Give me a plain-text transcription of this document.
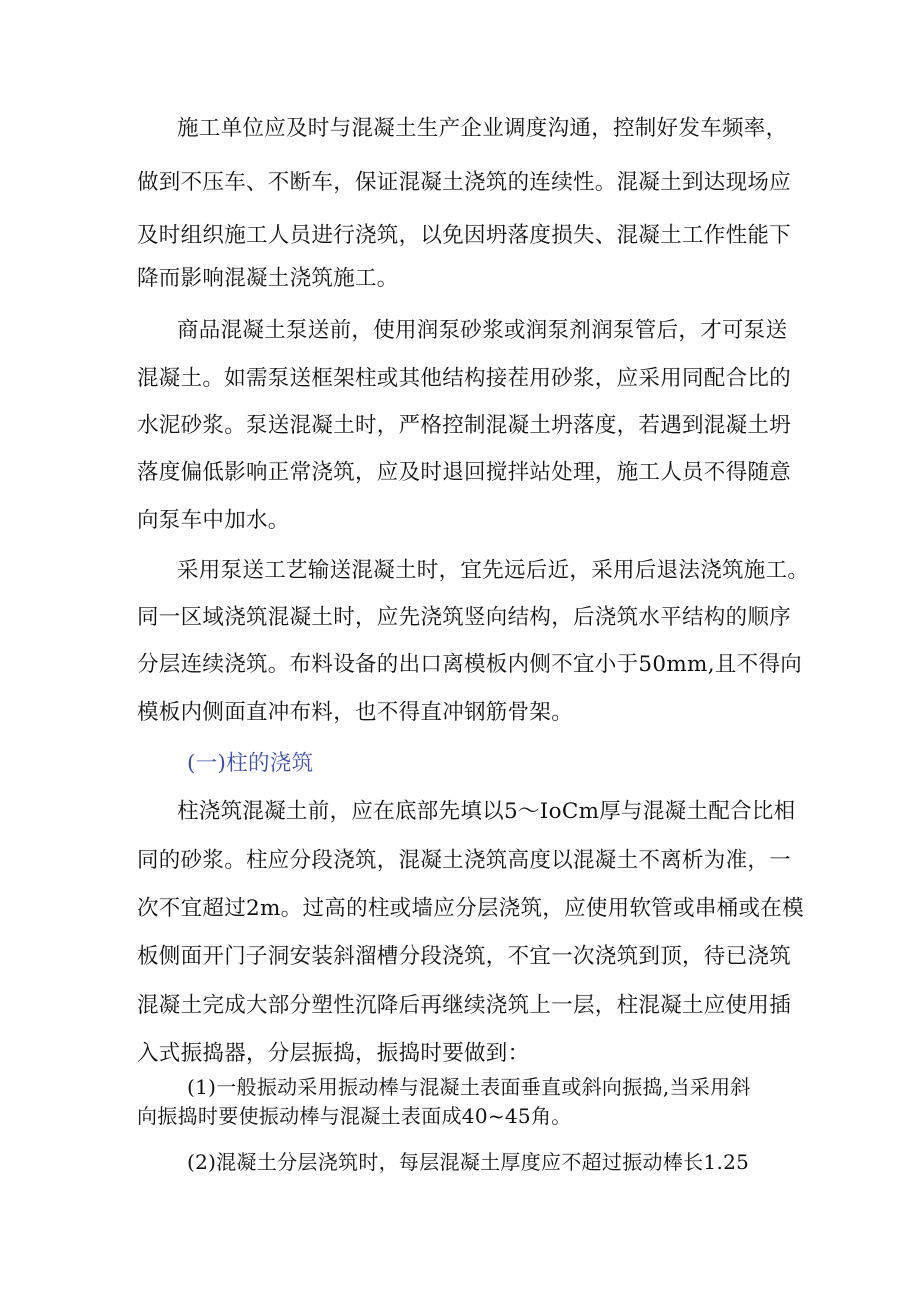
施工单位应及时与混凝土生产企业调度沟通，控制好发车频率，
做到不压车、不断车，保证混凝土浇筑的连续性。混凝土到达现场应
及时组织施工人员进行浇筑，以免因坍落度损失、混凝土工作性能下
降而影响混凝土浇筑施工。
商品混凝土泵送前，使用润泵砂浆或润泵剂润泵管后，才可泵送
混凝土。如需泵送框架柱或其他结构接茬用砂浆，应采用同配合比的
水泥砂浆。泵送混凝土时，严格控制混凝土坍落度，若遇到混凝土坍
落度偏低影响正常浇筑，应及时退回搅拌站处理，施工人员不得随意
向泵车中加水。
采用泵送工艺输送混凝土时，宜先远后近，采用后退法浇筑施工。
同一区域浇筑混凝土时，应先浇筑竖向结构，后浇筑水平结构的顺序
分层连续浇筑。布料设备的出口离模板内侧不宜小于50mm,且不得向
模板内侧面直冲布料，也不得直冲钢筋骨架。
(一)柱的浇筑
柱浇筑混凝土前，应在底部先填以5～IoCm厚与混凝土配合比相
同的砂浆。柱应分段浇筑，混凝土浇筑高度以混凝土不离析为准，一
次不宜超过2m。过高的柱或墙应分层浇筑，应使用软管或串桶或在模
板侧面开门子洞安装斜溜槽分段浇筑，不宜一次浇筑到顶，待已浇筑
混凝土完成大部分塑性沉降后再继续浇筑上一层，柱混凝土应使用插
入式振捣器，分层振捣，振捣时要做到：
(1)一般振动采用振动棒与混凝土表面垂直或斜向振捣,当采用斜
向振捣时要使振动棒与混凝土表面成40~45角。
(2)混凝土分层浇筑时，每层混凝土厚度应不超过振动棒长1.25
